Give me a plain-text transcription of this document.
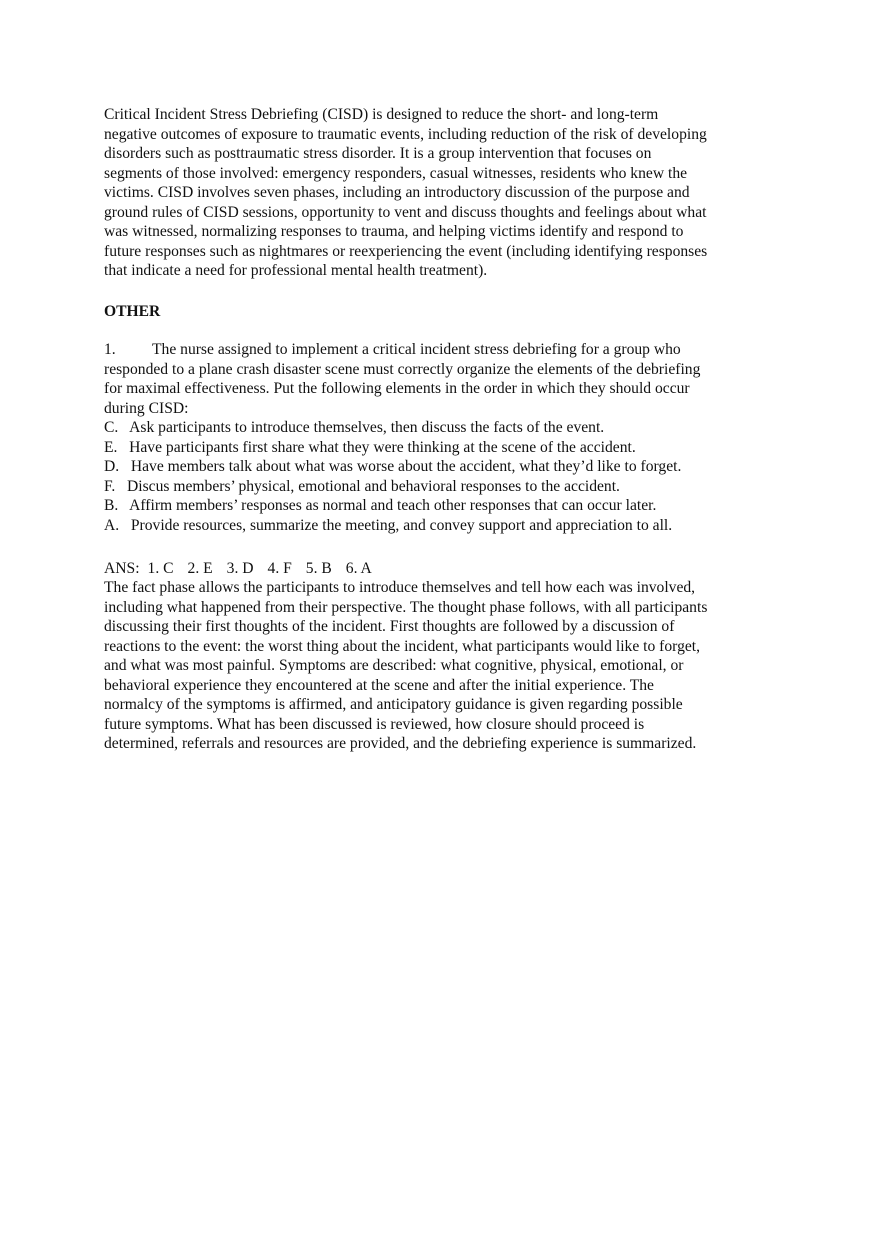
Critical Incident Stress Debriefing (CISD) is designed to reduce the short- and long-term
negative outcomes of exposure to traumatic events, including reduction of the risk of developing
disorders such as posttraumatic stress disorder. It is a group intervention that focuses on
segments of those involved: emergency responders, casual witnesses, residents who knew the
victims. CISD involves seven phases, including an introductory discussion of the purpose and
ground rules of CISD sessions, opportunity to vent and discuss thoughts and feelings about what
was witnessed, normalizing responses to trauma, and helping victims identify and respond to
future responses such as nightmares or reexperiencing the event (including identifying responses
that indicate a need for professional mental health treatment).
OTHER
1. The nurse assigned to implement a critical incident stress debriefing for a group who
responded to a plane crash disaster scene must correctly organize the elements of the debriefing
for maximal effectiveness. Put the following elements in the order in which they should occur
during CISD:
C.   Ask participants to introduce themselves, then discuss the facts of the event.
E.   Have participants first share what they were thinking at the scene of the accident.
D.   Have members talk about what was worse about the accident, what they’d like to forget.
F.   Discus members’ physical, emotional and behavioral responses to the accident.
B.   Affirm members’ responses as normal and teach other responses that can occur later.
A.   Provide resources, summarize the meeting, and convey support and appreciation to all.
ANS: 1. C 2. E 3. D 4. F 5. B 6. A
The fact phase allows the participants to introduce themselves and tell how each was involved,
including what happened from their perspective. The thought phase follows, with all participants
discussing their first thoughts of the incident. First thoughts are followed by a discussion of
reactions to the event: the worst thing about the incident, what participants would like to forget,
and what was most painful. Symptoms are described: what cognitive, physical, emotional, or
behavioral experience they encountered at the scene and after the initial experience. The
normalcy of the symptoms is affirmed, and anticipatory guidance is given regarding possible
future symptoms. What has been discussed is reviewed, how closure should proceed is
determined, referrals and resources are provided, and the debriefing experience is summarized.
